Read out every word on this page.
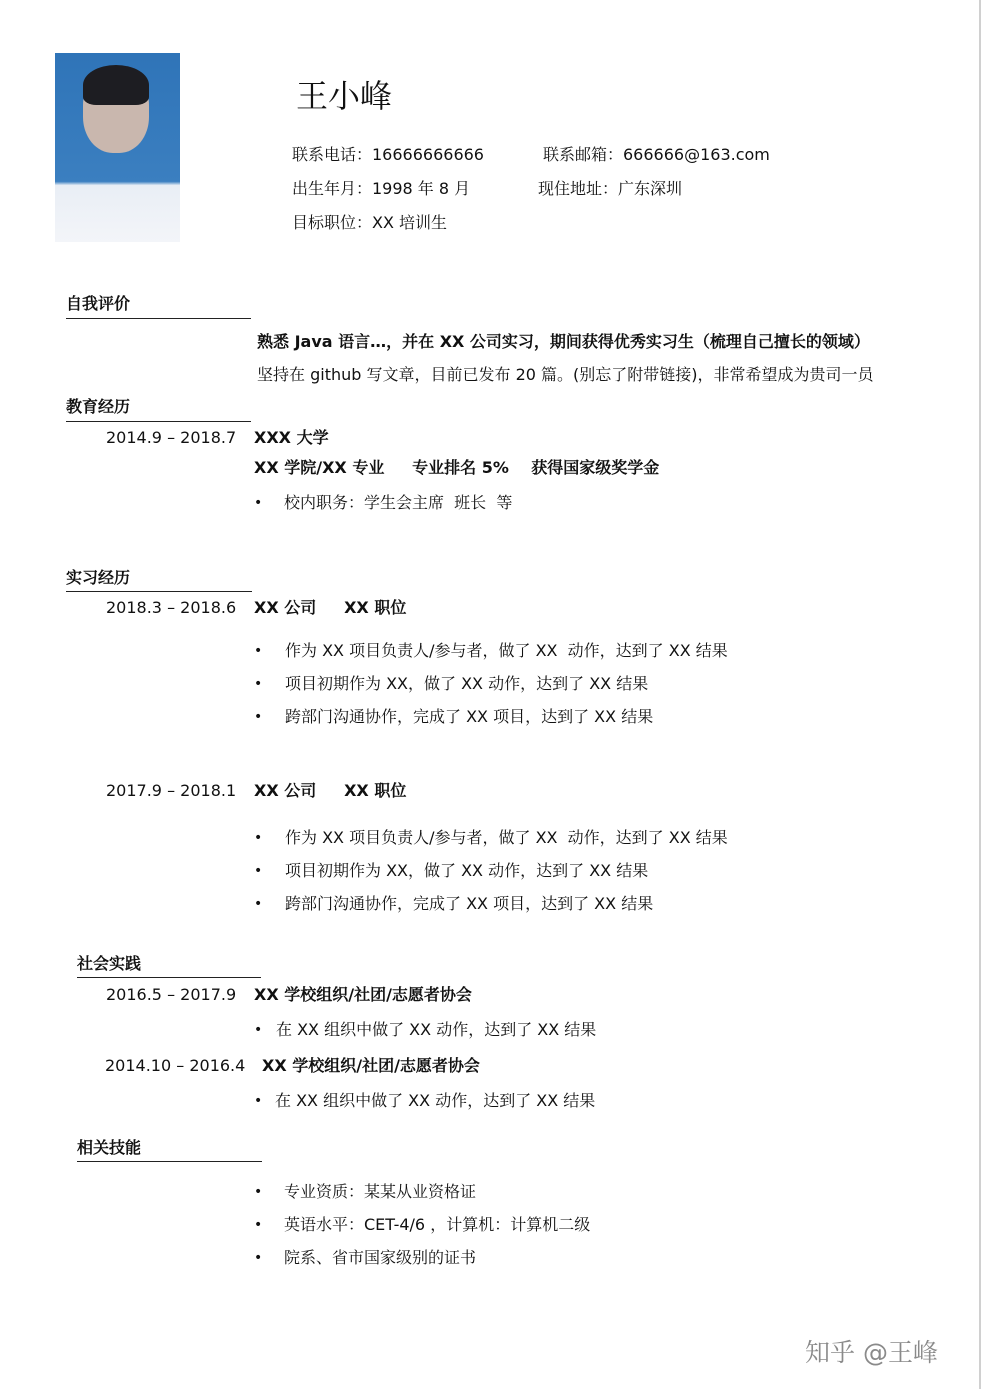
王小峰
联系电话：16666666666	联系邮箱：666666@163.com
出生年月：1998 年 8 月	现住地址：广东深圳
目标职位：XX 培训生
自我评价
熟悉 Java 语言…，并在 XX 公司实习，期间获得优秀实习生（梳理自己擅长的领域）
坚持在 github 写文章，目前已发布 20 篇。(别忘了附带链接)，非常希望成为贵司一员
教育经历
2014.9 – 2018.7 XXX 大学
XX 学院/XX 专业     专业排名 5%    获得国家级奖学金
• 校内职务：学生会主席  班长  等
实习经历
2018.3 – 2018.6 XX 公司     XX 职位
• 作为 XX 项目负责人/参与者，做了 XX  动作，达到了 XX 结果
• 项目初期作为 XX，做了 XX 动作，达到了 XX 结果
• 跨部门沟通协作，完成了 XX 项目，达到了 XX 结果
2017.9 – 2018.1 XX 公司     XX 职位
• 作为 XX 项目负责人/参与者，做了 XX  动作，达到了 XX 结果
• 项目初期作为 XX，做了 XX 动作，达到了 XX 结果
• 跨部门沟通协作，完成了 XX 项目，达到了 XX 结果
社会实践
2016.5 – 2017.9 XX 学校组织/社团/志愿者协会
• 在 XX 组织中做了 XX 动作，达到了 XX 结果
2014.10 – 2016.4 XX 学校组织/社团/志愿者协会
• 在 XX 组织中做了 XX 动作，达到了 XX 结果
相关技能
• 专业资质：某某从业资格证
• 英语水平：CET-4/6 ，计算机：计算机二级
• 院系、省市国家级别的证书
知乎 @王峰
